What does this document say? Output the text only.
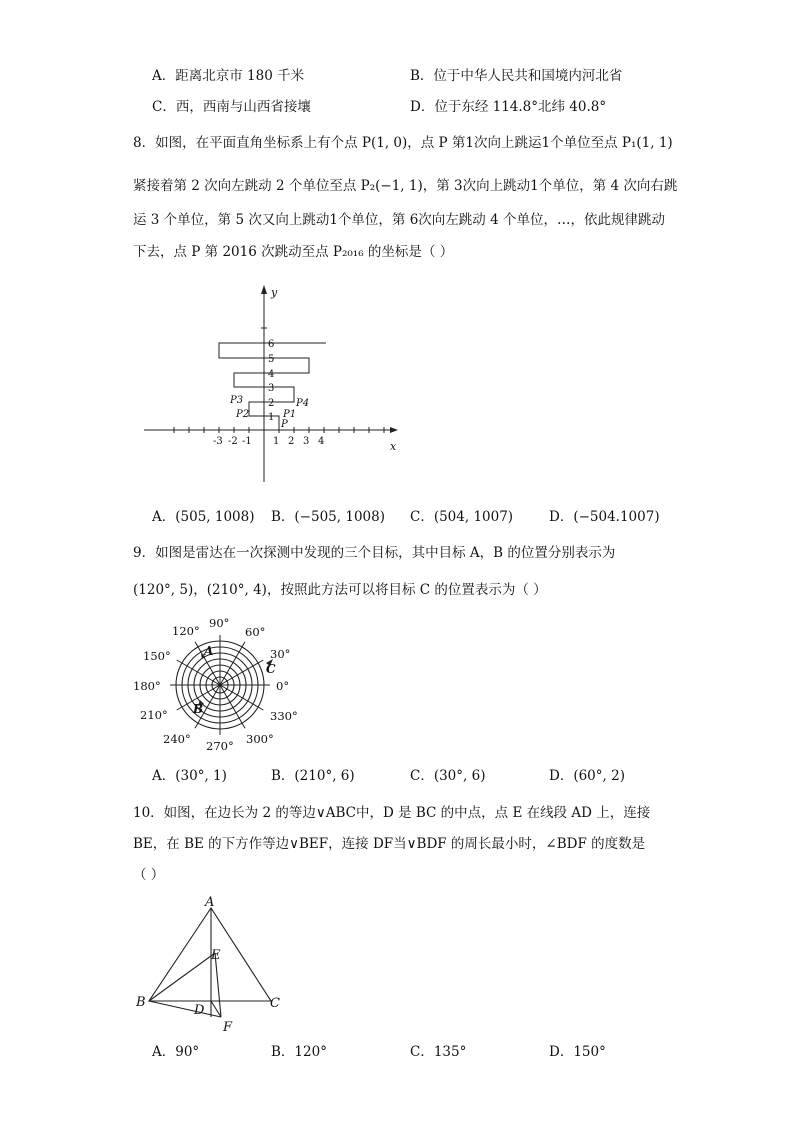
A．距离北京市 180 千米	B．位于中华人民共和国境内河北省
C．西，西南与山西省接壤	D．位于东经 114.8°北纬 40.8°
8．如图，在平面直角坐标系上有个点 P(1, 0)，点 P 第1次向上跳运1个单位至点 P₁(1, 1)
紧接着第 2 次向左跳动 2 个单位至点 P₂(−1, 1)，第 3次向上跳动1个单位，第 4 次向右跳
运 3 个单位，第 5 次又向上跳动1个单位，第 6次向左跳动 4 个单位，…，依此规律跳动
下去，点 P 第 2016 次跳动至点 P₂₀₁₆ 的坐标是（ ）
-3 -2 -1 1 2 3 4
1
2
3
4
5
6
x
y
P
P1
P2
P3	P4
A．(505, 1008) B．(−505, 1008) C．(504, 1007)	D．(−504.1007)
9．如图是雷达在一次探测中发现的三个目标，其中目标 A，B 的位置分别表示为
(120°, 5)，(210°, 4)，按照此方法可以将目标 C 的位置表示为（ ）
90°
60°
30°
0°
330°
300°
270°
240°
210°
180°
150°
120°
A
B
C
A．(30°, 1)	B．(210°, 6)	C．(30°, 6)	D．(60°, 2)
10．如图，在边长为 2 的等边∨ABC中，D 是 BC 的中点，点 E 在线段 AD 上，连接
BE，在 BE 的下方作等边∨BEF，连接 DF当∨BDF 的周长最小时，∠BDF 的度数是
（ ）
A
E
B
D	C
F
A．90°	B．120°	C．135°	D．150°
